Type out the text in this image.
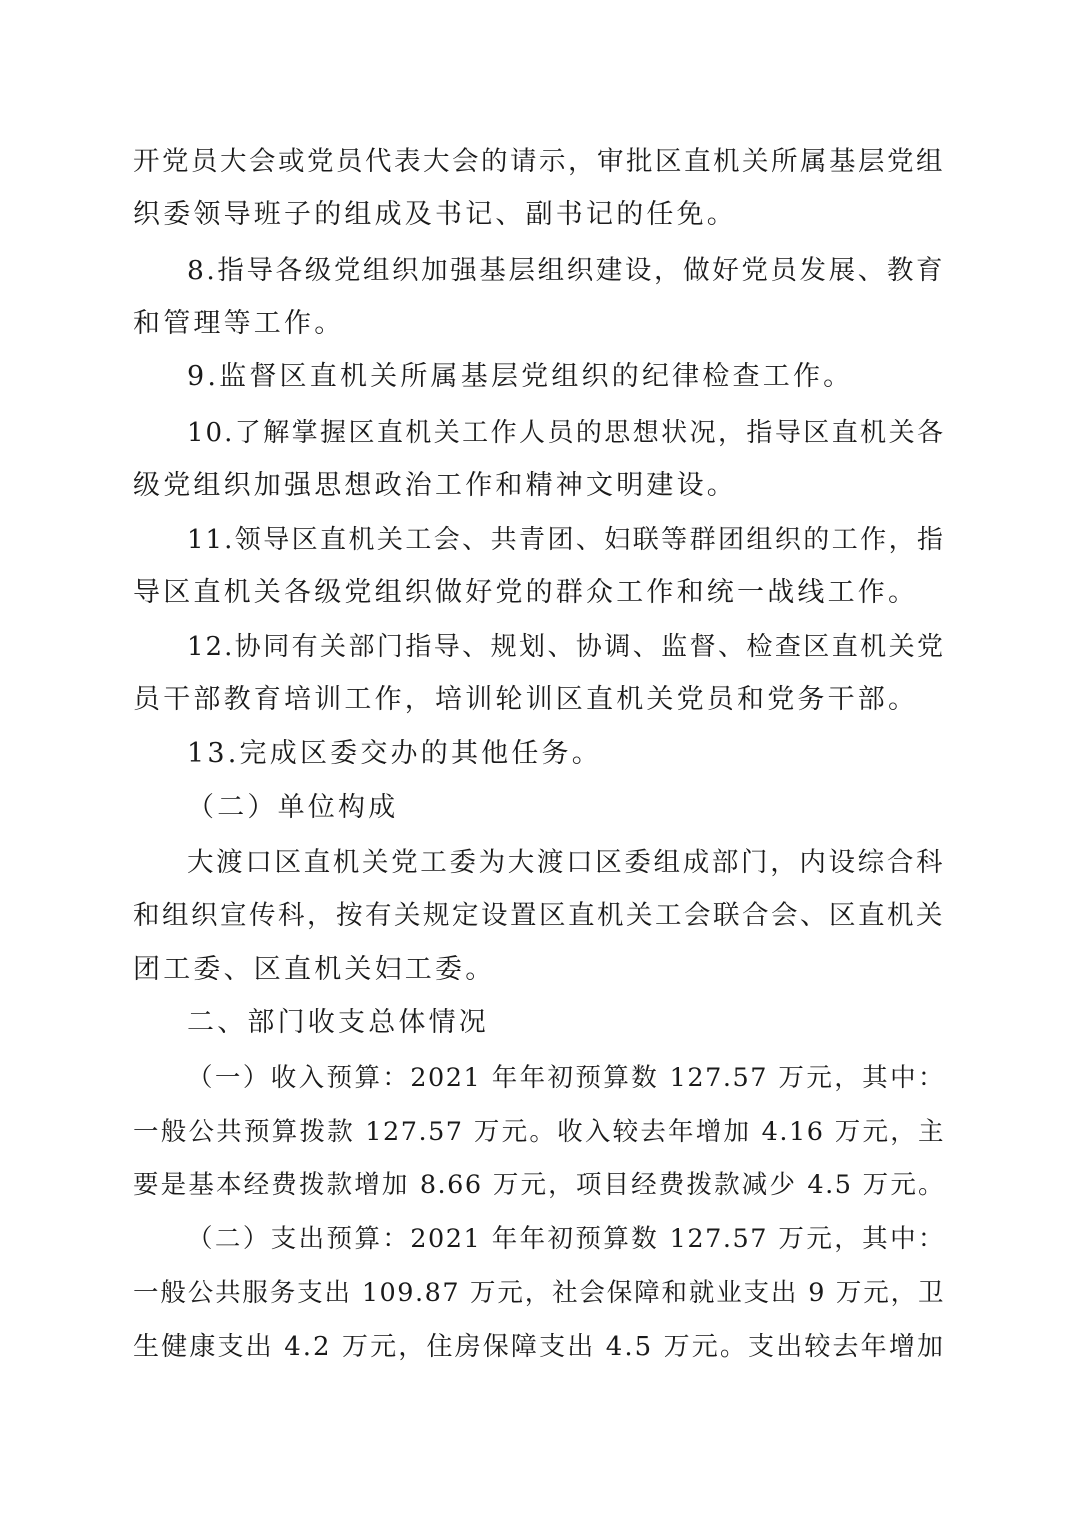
开党员大会或党员代表大会的请示，审批区直机关所属基层党组
织委领导班子的组成及书记、副书记的任免。
8.指导各级党组织加强基层组织建设，做好党员发展、教育
和管理等工作。
9.监督区直机关所属基层党组织的纪律检查工作。
10.了解掌握区直机关工作人员的思想状况，指导区直机关各
级党组织加强思想政治工作和精神文明建设。
11.领导区直机关工会、共青团、妇联等群团组织的工作，指
导区直机关各级党组织做好党的群众工作和统一战线工作。
12.协同有关部门指导、规划、协调、监督、检查区直机关党
员干部教育培训工作，培训轮训区直机关党员和党务干部。
13.完成区委交办的其他任务。
（二）单位构成
大渡口区直机关党工委为大渡口区委组成部门，内设综合科
和组织宣传科，按有关规定设置区直机关工会联合会、区直机关
团工委、区直机关妇工委。
二、部门收支总体情况
（一）收入预算：2021 年年初预算数 127.57 万元，其中：
一般公共预算拨款 127.57 万元。收入较去年增加 4.16 万元，主
要是基本经费拨款增加 8.66 万元，项目经费拨款减少 4.5 万元。
（二）支出预算：2021 年年初预算数 127.57 万元，其中：
一般公共服务支出 109.87 万元，社会保障和就业支出 9 万元，卫
生健康支出 4.2 万元，住房保障支出 4.5 万元。支出较去年增加
